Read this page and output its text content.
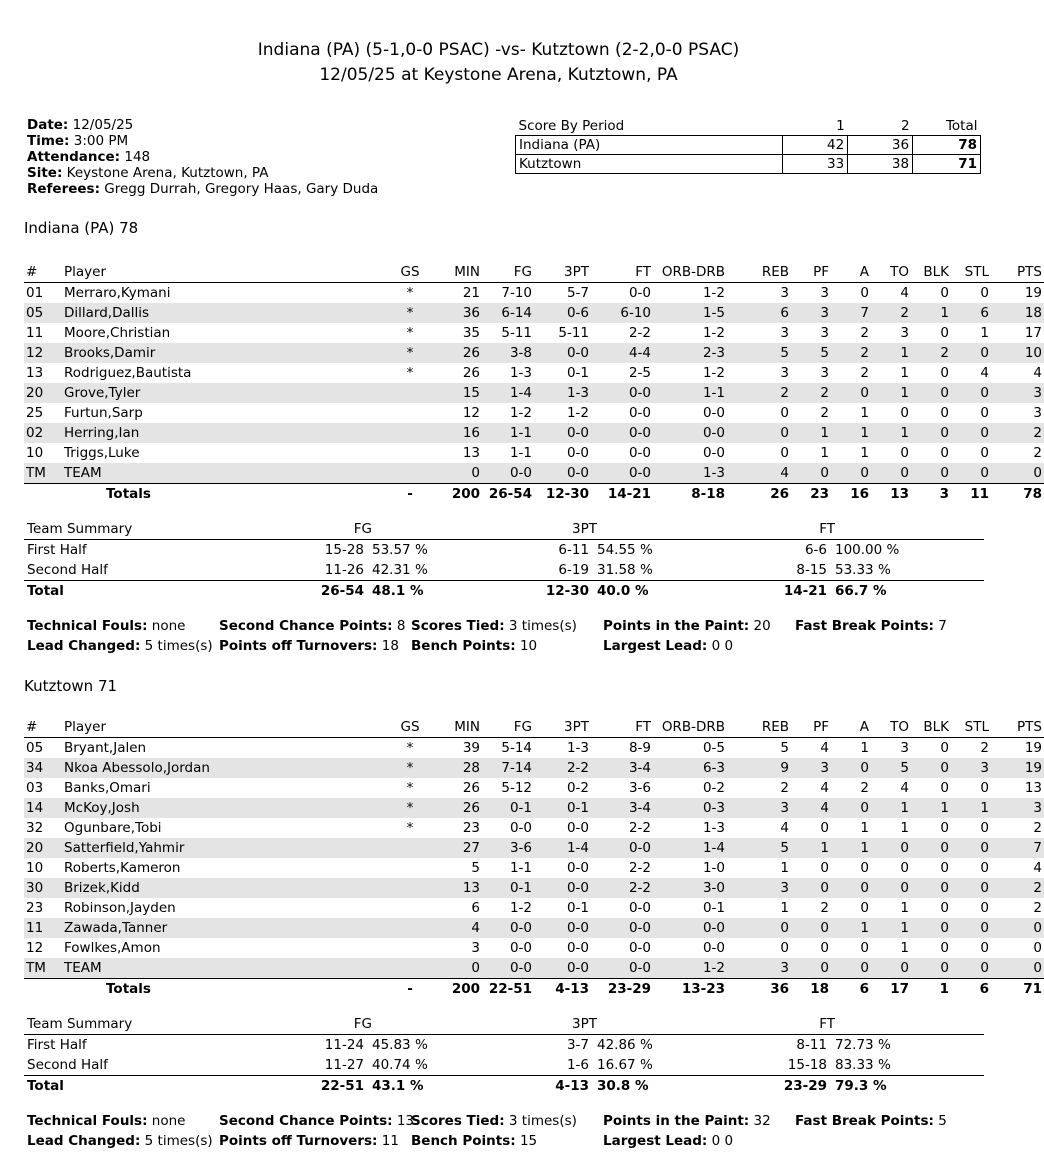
Indiana (PA) (5-1,0-0 PSAC) -vs- Kutztown (2-2,0-0 PSAC)
12/05/25 at Keystone Arena, Kutztown, PA
Date: 12/05/25
Time: 3:00 PM
Attendance: 148
Site: Keystone Arena, Kutztown, PA
Referees: Gregg Durrah, Gregory Haas, Gary Duda
Score By Period	1	2	Total
Indiana (PA)	42	36	78
Kutztown	33	38	71
Indiana (PA) 78
#	Player	GS	MIN	FG	3PT	FT	ORB-DRB	REB	PF	A	TO	BLK	STL	PTS
01	Merraro,Kymani	*	21	7-10	5-7	0-0	1-2	3	3	0	4	0	0	19
05	Dillard,Dallis	*	36	6-14	0-6	6-10	1-5	6	3	7	2	1	6	18
11	Moore,Christian	*	35	5-11	5-11	2-2	1-2	3	3	2	3	0	1	17
12	Brooks,Damir	*	26	3-8	0-0	4-4	2-3	5	5	2	1	2	0	10
13	Rodriguez,Bautista	*	26	1-3	0-1	2-5	1-2	3	3	2	1	0	4	4
20	Grove,Tyler		15	1-4	1-3	0-0	1-1	2	2	0	1	0	0	3
25	Furtun,Sarp		12	1-2	1-2	0-0	0-0	0	2	1	0	0	0	3
02	Herring,Ian		16	1-1	0-0	0-0	0-0	0	1	1	1	0	0	2
10	Triggs,Luke		13	1-1	0-0	0-0	0-0	0	1	1	0	0	0	2
TM	TEAM		0	0-0	0-0	0-0	1-3	4	0	0	0	0	0	0
	Totals	-	200	26-54	12-30	14-21	8-18	26	23	16	13	3	11	78
Team Summary	FG		3PT		FT		
First Half	15-28	53.57 %	6-11	54.55 %	6-6	100.00 %	
Second Half	11-26	42.31 %	6-19	31.58 %	8-15	53.33 %	
Total	26-54	48.1 %	12-30	40.0 %	14-21	66.7 %	
Technical Fouls: none Second Chance Points: 8 Scores Tied: 3 times(s) Points in the Paint: 20 Fast Break Points: 7
Lead Changed: 5 times(s) Points off Turnovers: 18 Bench Points: 10	Largest Lead: 0 0
Kutztown 71
#	Player	GS	MIN	FG	3PT	FT	ORB-DRB	REB	PF	A	TO	BLK	STL	PTS
05	Bryant,Jalen	*	39	5-14	1-3	8-9	0-5	5	4	1	3	0	2	19
34	Nkoa Abessolo,Jordan	*	28	7-14	2-2	3-4	6-3	9	3	0	5	0	3	19
03	Banks,Omari	*	26	5-12	0-2	3-6	0-2	2	4	2	4	0	0	13
14	McKoy,Josh	*	26	0-1	0-1	3-4	0-3	3	4	0	1	1	1	3
32	Ogunbare,Tobi	*	23	0-0	0-0	2-2	1-3	4	0	1	1	0	0	2
20	Satterfield,Yahmir		27	3-6	1-4	0-0	1-4	5	1	1	0	0	0	7
10	Roberts,Kameron		5	1-1	0-0	2-2	1-0	1	0	0	0	0	0	4
30	Brizek,Kidd		13	0-1	0-0	2-2	3-0	3	0	0	0	0	0	2
23	Robinson,Jayden		6	1-2	0-1	0-0	0-1	1	2	0	1	0	0	2
11	Zawada,Tanner		4	0-0	0-0	0-0	0-0	0	0	1	1	0	0	0
12	Fowlkes,Amon		3	0-0	0-0	0-0	0-0	0	0	0	1	0	0	0
TM	TEAM		0	0-0	0-0	0-0	1-2	3	0	0	0	0	0	0
	Totals	-	200	22-51	4-13	23-29	13-23	36	18	6	17	1	6	71
Team Summary	FG		3PT		FT		
First Half	11-24	45.83 %	3-7	42.86 %	8-11	72.73 %	
Second Half	11-27	40.74 %	1-6	16.67 %	15-18	83.33 %	
Total	22-51	43.1 %	4-13	30.8 %	23-29	79.3 %	
Technical Fouls: none Second Chance Points: 13
Scores Tied: 3 times(s) Points in the Paint: 32 Fast Break Points: 5
Lead Changed: 5 times(s) Points off Turnovers: 11 Bench Points: 15	Largest Lead: 0 0
